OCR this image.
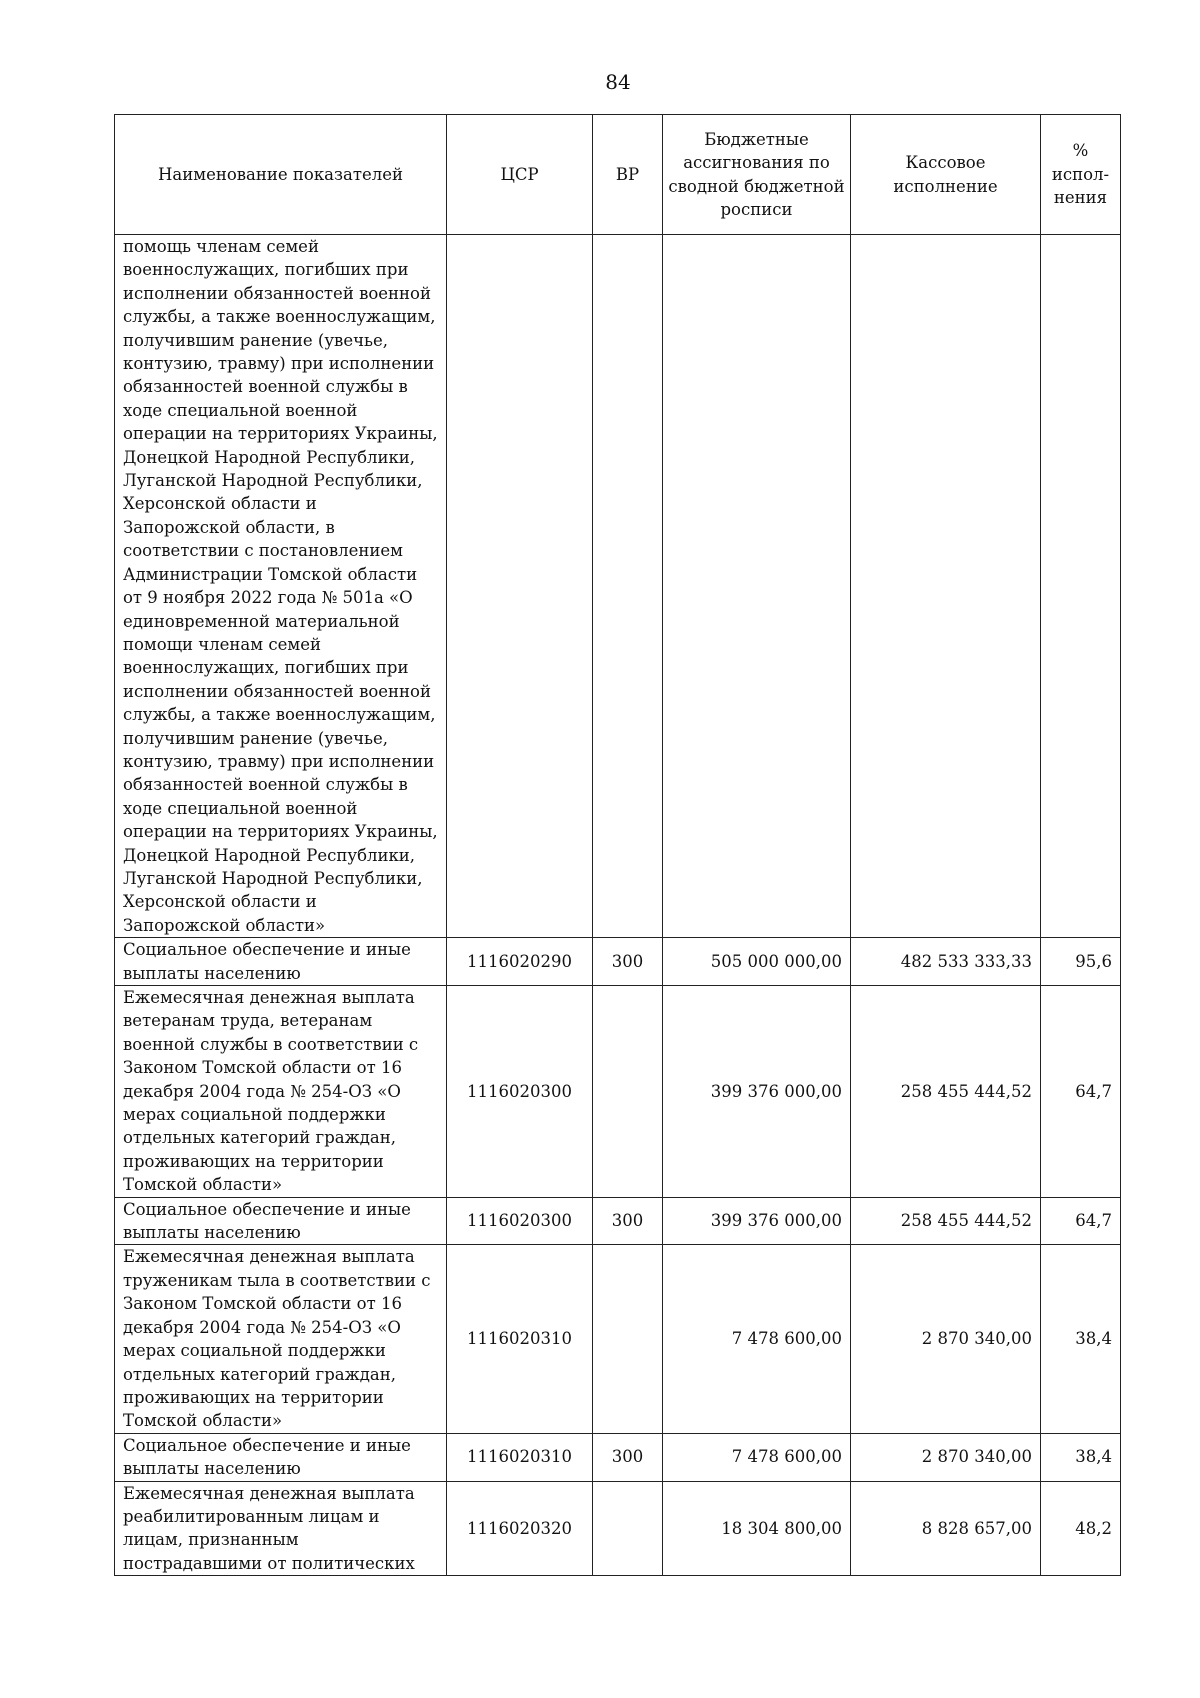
84
Наименование показателей	ЦСР	ВР	Бюджетные ассигнования по сводной бюджетной росписи	Кассовое исполнение	% испол-нения
помощь членам семей военнослужащих, погибших при исполнении обязанностей военной службы, а также военнослужащим, получившим ранение (увечье, контузию, травму) при исполнении обязанностей военной службы в ходе специальной военной операции на территориях Украины, Донецкой Народной Республики, Луганской Народной Республики, Херсонской области и Запорожской области, в соответствии с постановлением Администрации Томской области от 9 ноября 2022 года № 501а «О единовременной материальной помощи членам семей военнослужащих, погибших при исполнении обязанностей военной службы, а также военнослужащим, получившим ранение (увечье, контузию, травму) при исполнении обязанностей военной службы в ходе специальной военной операции на территориях Украины, Донецкой Народной Республики, Луганской Народной Республики, Херсонской области и Запорожской области»					
Социальное обеспечение и иные выплаты населению	1116020290	300	505 000 000,00	482 533 333,33	95,6
Ежемесячная денежная выплата ветеранам труда, ветеранам военной службы в соответствии с Законом Томской области от 16 декабря 2004 года № 254-ОЗ «О мерах социальной поддержки отдельных категорий граждан, проживающих на территории Томской области»	1116020300		399 376 000,00	258 455 444,52	64,7
Социальное обеспечение и иные выплаты населению	1116020300	300	399 376 000,00	258 455 444,52	64,7
Ежемесячная денежная выплата труженикам тыла в соответствии с Законом Томской области от 16 декабря 2004 года № 254-ОЗ «О мерах социальной поддержки отдельных категорий граждан, проживающих на территории Томской области»	1116020310		7 478 600,00	2 870 340,00	38,4
Социальное обеспечение и иные выплаты населению	1116020310	300	7 478 600,00	2 870 340,00	38,4
Ежемесячная денежная выплата реабилитированным лицам и лицам, признанным пострадавшими от политических	1116020320		18 304 800,00	8 828 657,00	48,2
